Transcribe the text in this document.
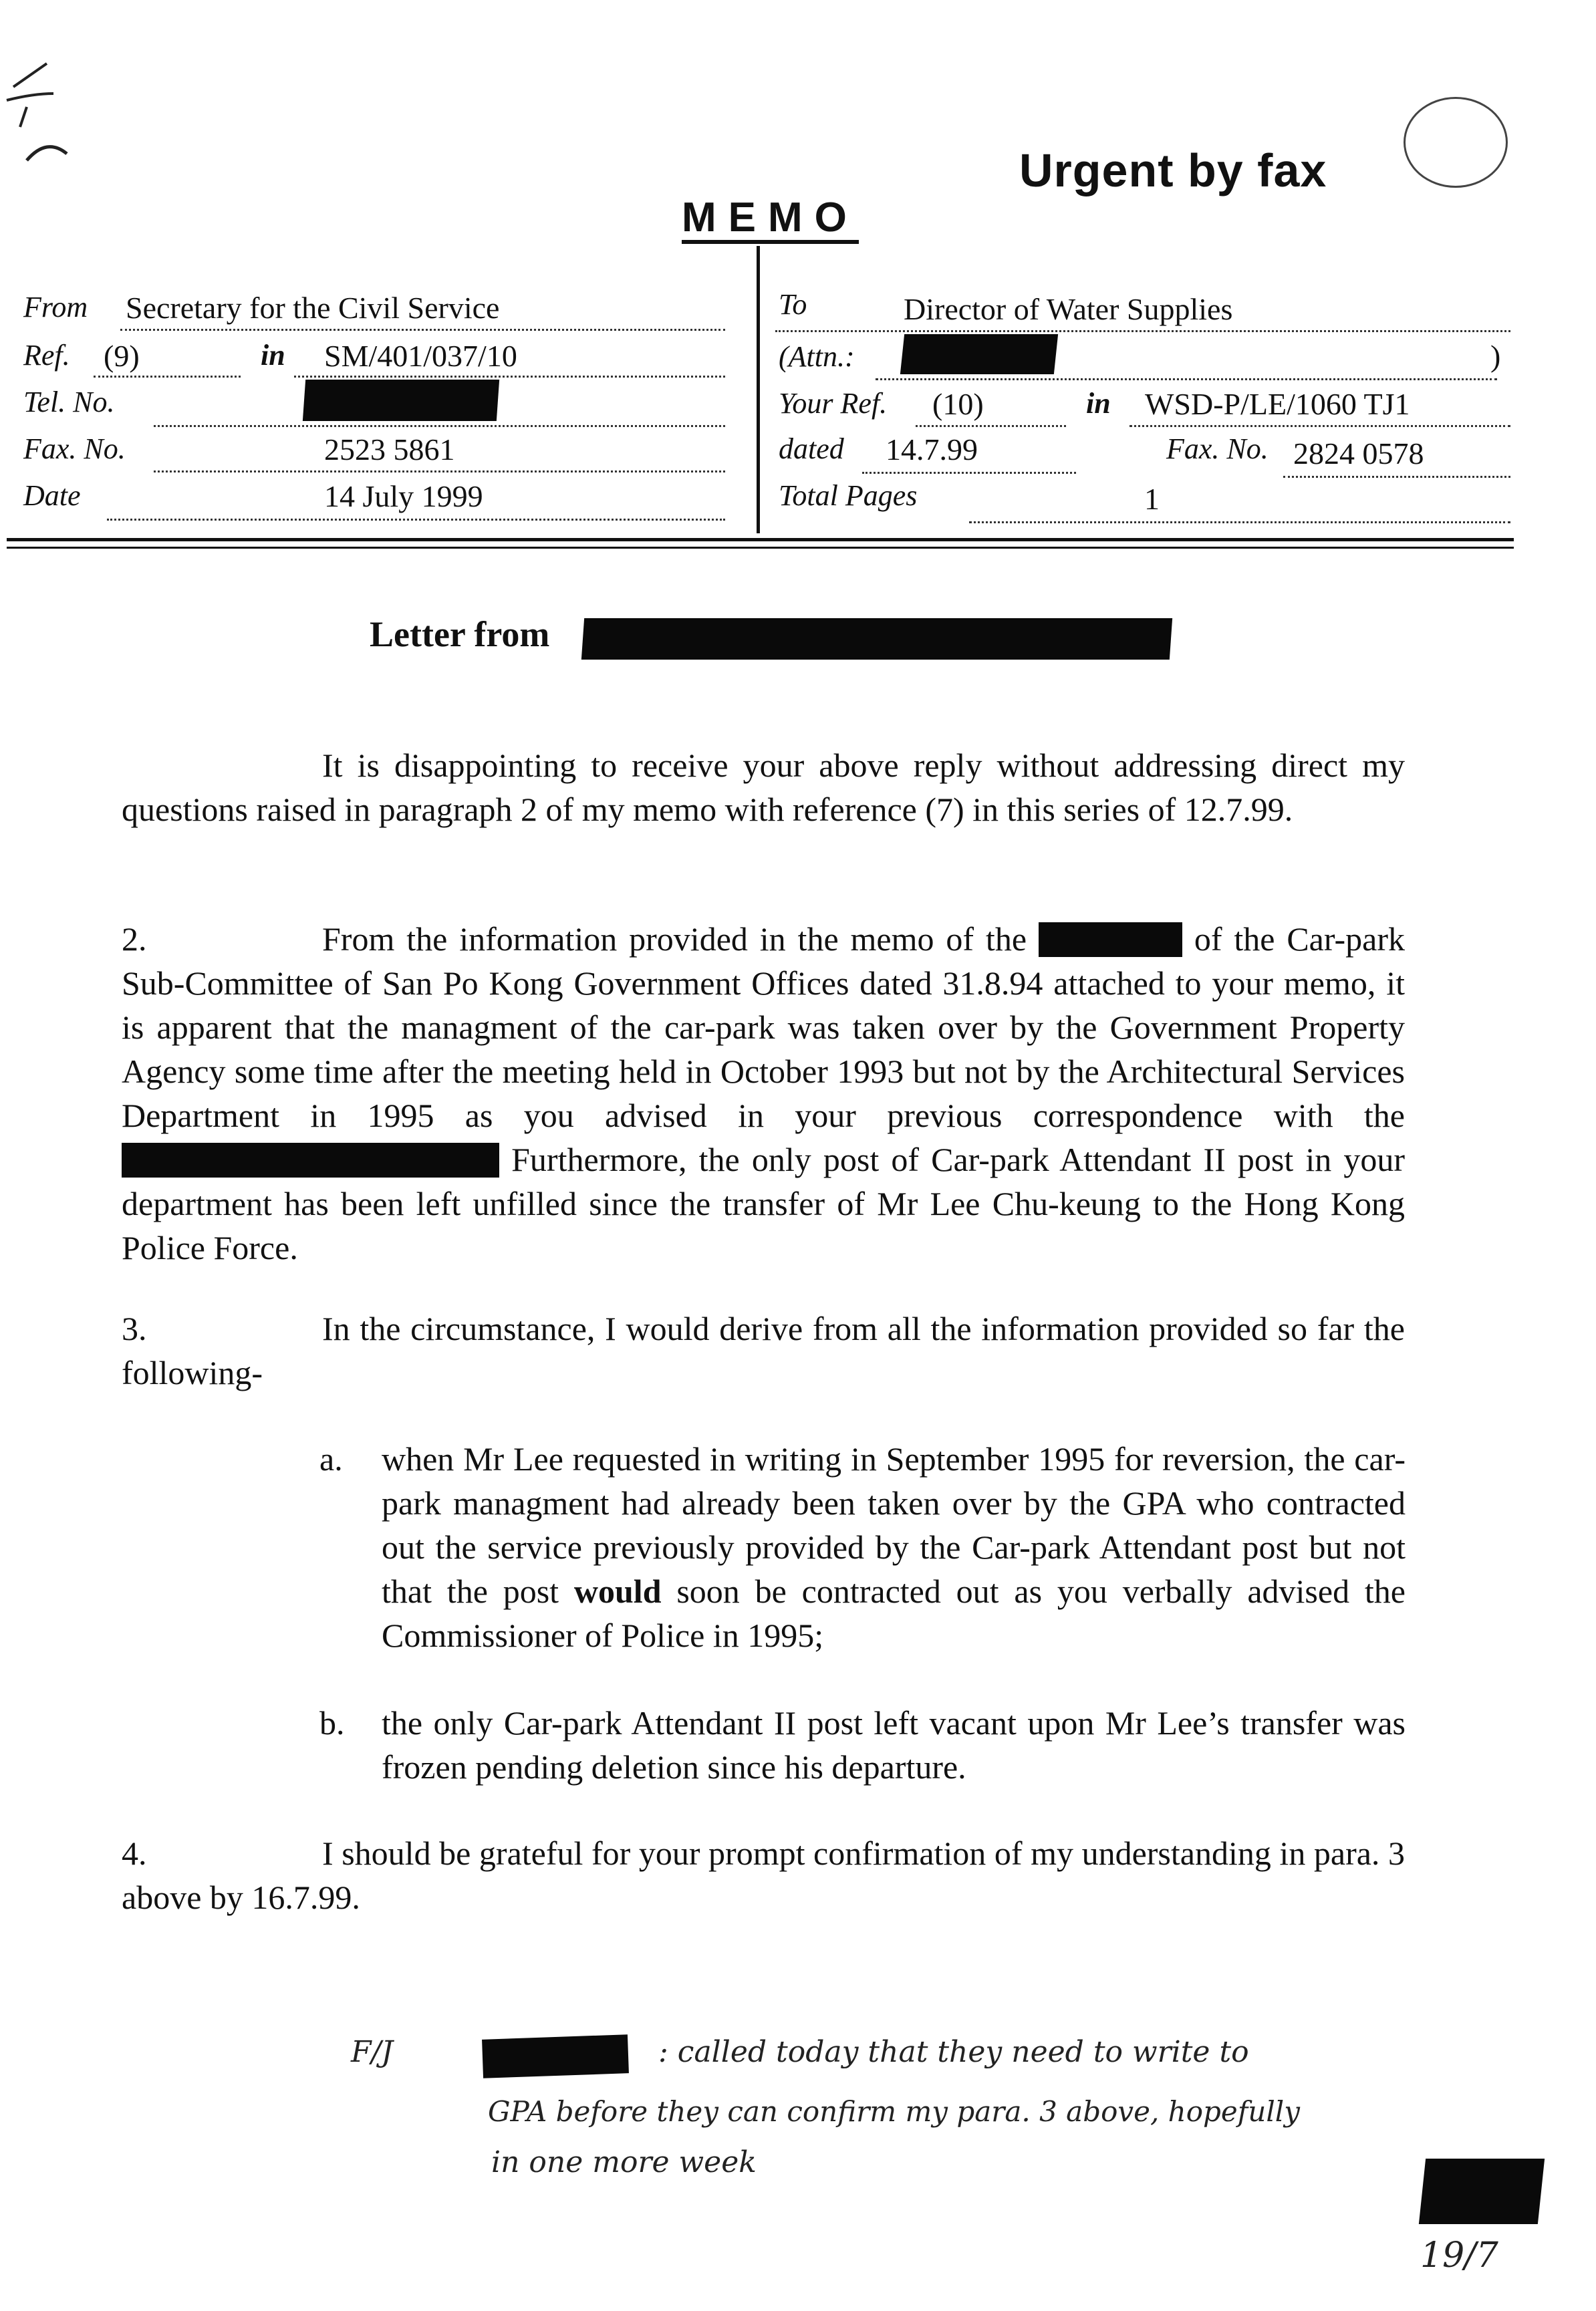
Urgent by fax
MEMO
From Secretary for the Civil Service
Ref. (9)	in SM/401/037/10
Tel. No.
Fax. No.	2523 5861
Date	14 July 1999
To	Director of Water Supplies
(Attn.:	)
Your Ref. (10)	in WSD-P/LE/1060 TJ1
dated 14.7.99	Fax. No. 2824 0578
Total Pages	1
Letter from

It is disappointing to receive your above reply without addressing direct my questions raised in paragraph 2 of my memo with reference (7) in this series of 12.7.99.

2.	From the information provided in the memo of the	of the Car-park Sub-Committee of San Po Kong Government Offices dated 31.8.94 attached to your memo, it is apparent that the managment of the car-park was taken over by the Government Property Agency some time after the meeting held in October 1993 but not by the Architectural Services Department in 1995 as you advised in your previous correspondence with the  Furthermore, the only post of Car-park Attendant II post in your department has been left unfilled since the transfer of Mr Lee Chu-keung to the Hong Kong Police Force.

3.	In the circumstance, I would derive from all the information provided so far the following-

a. when Mr Lee requested in writing in September 1995 for reversion, the car-park managment had already been taken over by the GPA who contracted out the service previously provided by the Car-park Attendant post but not that the post would soon be contracted out as you verbally advised the Commissioner of Police in 1995;
b. the only Car-park Attendant II post left vacant upon Mr Lee’s transfer was frozen pending deletion since his departure.

4.	I should be grateful for your prompt confirmation of my understanding in para. 3 above by 16.7.99.

F/J	: called today that they need to write to
GPA before they can confirm my para. 3 above, hopefully
in one more week
19/7
